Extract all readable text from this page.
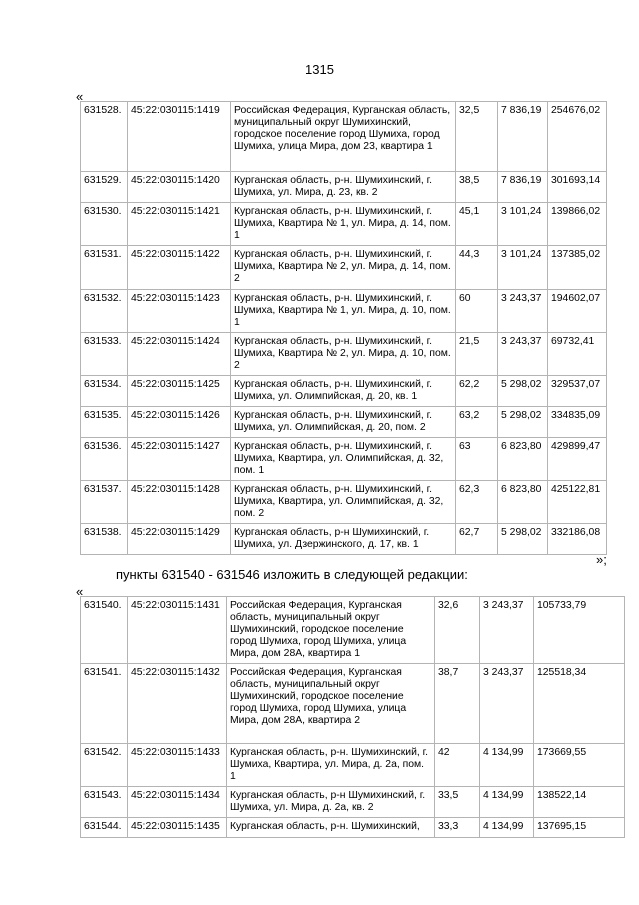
1315
«
631528.	45:22:030115:1419	Российская Федерация, Курганская область, муниципальный округ Шумихинский, городское поселение город Шумиха, город Шумиха, улица Мира, дом 23, квартира 1	32,5	7 836,19	254676,02
631529.	45:22:030115:1420	Курганская область, р-н. Шумихинский, г. Шумиха, ул. Мира, д. 23, кв. 2	38,5	7 836,19	301693,14
631530.	45:22:030115:1421	Курганская область, р-н. Шумихинский, г. Шумиха, Квартира № 1, ул. Мира, д. 14, пом. 1	45,1	3 101,24	139866,02
631531.	45:22:030115:1422	Курганская область, р-н. Шумихинский, г. Шумиха, Квартира № 2, ул. Мира, д. 14, пом. 2	44,3	3 101,24	137385,02
631532.	45:22:030115:1423	Курганская область, р-н. Шумихинский, г. Шумиха, Квартира № 1, ул. Мира, д. 10, пом. 1	60	3 243,37	194602,07
631533.	45:22:030115:1424	Курганская область, р-н. Шумихинский, г. Шумиха, Квартира № 2, ул. Мира, д. 10, пом. 2	21,5	3 243,37	69732,41
631534.	45:22:030115:1425	Курганская область, р-н. Шумихинский, г. Шумиха, ул. Олимпийская, д. 20, кв. 1	62,2	5 298,02	329537,07
631535.	45:22:030115:1426	Курганская область, р-н. Шумихинский, г. Шумиха, ул. Олимпийская, д. 20, пом. 2	63,2	5 298,02	334835,09
631536.	45:22:030115:1427	Курганская область, р-н. Шумихинский, г. Шумиха, Квартира, ул. Олимпийская, д. 32, пом. 1	63	6 823,80	429899,47
631537.	45:22:030115:1428	Курганская область, р-н. Шумихинский, г. Шумиха, Квартира, ул. Олимпийская, д. 32, пом. 2	62,3	6 823,80	425122,81
631538.	45:22:030115:1429	Курганская область, р-н Шумихинский, г. Шумиха, ул. Дзержинского, д. 17, кв. 1	62,7	5 298,02	332186,08
»;
пункты 631540 - 631546 изложить в следующей редакции:
«
631540.	45:22:030115:1431	Российская Федерация, Курганская область, муниципальный округ Шумихинский, городское поселение город Шумиха, город Шумиха, улица Мира, дом 28А, квартира 1	32,6	3 243,37	105733,79
631541.	45:22:030115:1432	Российская Федерация, Курганская область, муниципальный округ Шумихинский, городское поселение город Шумиха, город Шумиха, улица Мира, дом 28А, квартира 2	38,7	3 243,37	125518,34
631542.	45:22:030115:1433	Курганская область, р-н. Шумихинский, г. Шумиха, Квартира, ул. Мира, д. 2а, пом. 1	42	4 134,99	173669,55
631543.	45:22:030115:1434	Курганская область, р-н Шумихинский, г. Шумиха, ул. Мира, д. 2а, кв. 2	33,5	4 134,99	138522,14
631544.	45:22:030115:1435	Курганская область, р-н. Шумихинский,	33,3	4 134,99	137695,15
